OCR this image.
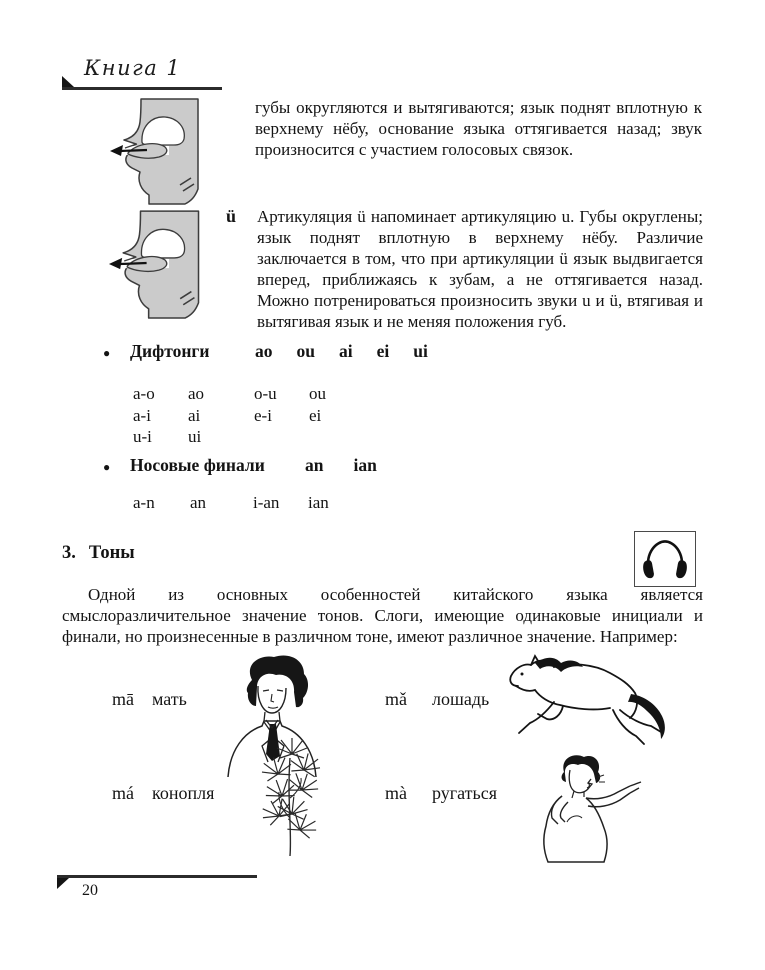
Книга 1

губы округляются и вытягиваются; язык поднят вплотную к верхнему нёбу, основание языка оттягивается назад; звук произносится с участием голосовых связок.

ü Артикуляция ü напоминает артикуляцию u. Губы округлены; язык поднят вплотную в верхнему нёбу. Различие заключается в том, что при артикуляции ü язык выдвигается вперед, приближаясь к зубам, а не оттягивается назад. Можно потренироваться произносить звуки u и ü, втягивая и вытягивая язык и не меняя положения губ.

●	Дифтонги	ao ou ai ei ui
a-o	ao	o-u	ou
a-i	ai	e-i	ei
u-i	ui
●	Носовые финали	an ian
a-n	an	i-an	ian
3. Тоны

Одной из основных особенностей китайского языка является смыслоразличительное значение тонов. Слоги, имеющие одинаковые инициали и финали, но произнесенные в различном тоне, имеют различное значение. Например:

mā мать	mǎ лошадь
má конопля	mà ругаться
20
